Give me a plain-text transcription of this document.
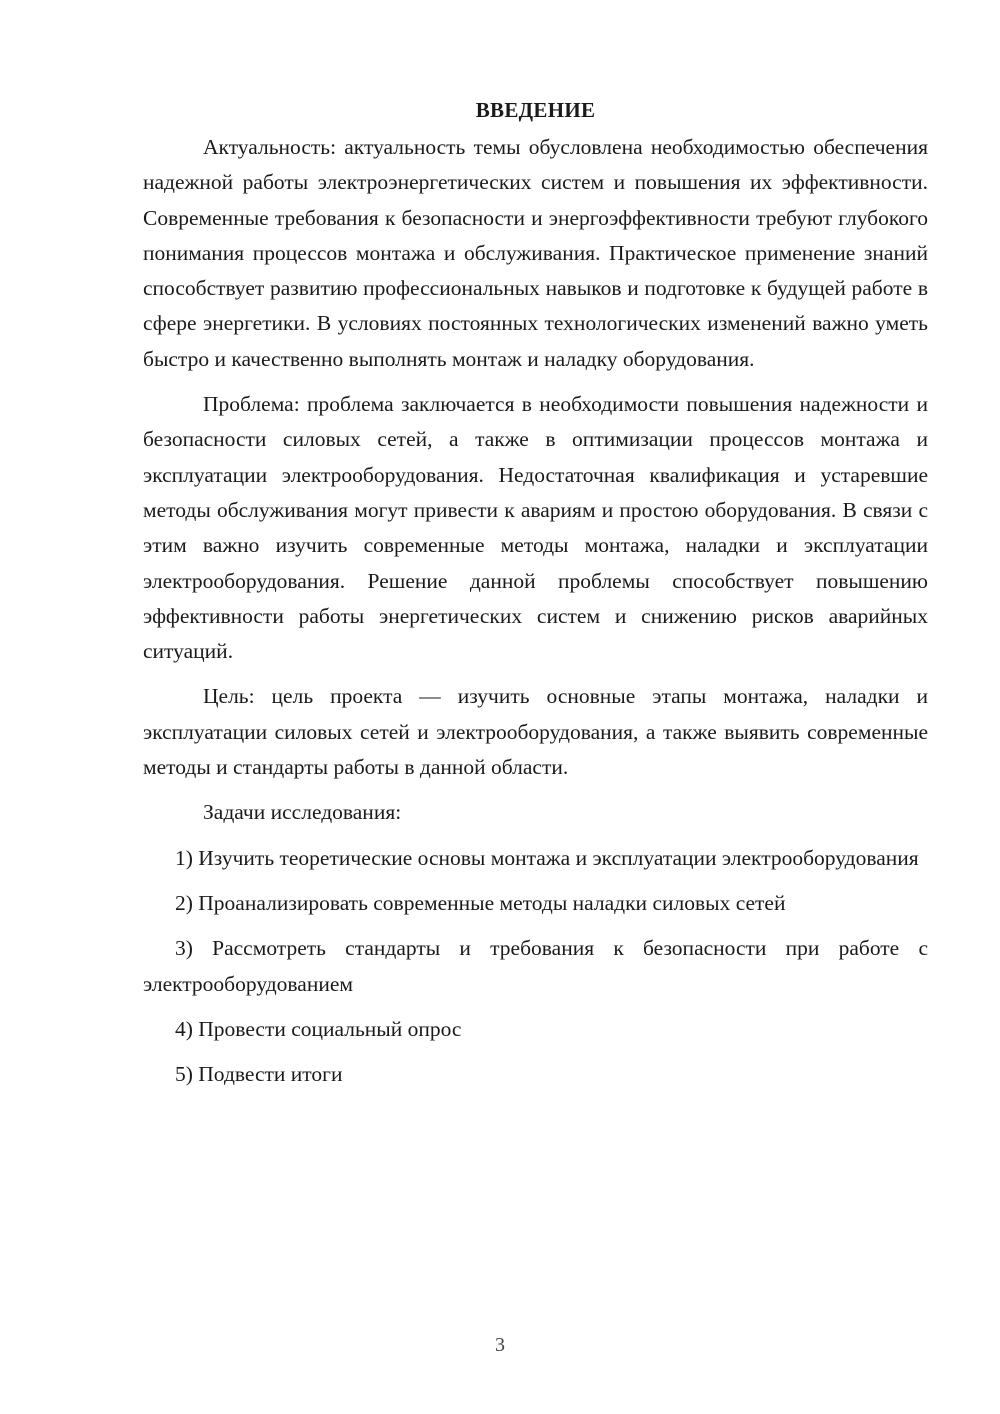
ВВЕДЕНИЕ

Актуальность: актуальность темы обусловлена необходимостью обеспечения надежной работы электроэнергетических систем и повышения их эффективности. Современные требования к безопасности и энергоэффективности требуют глубокого понимания процессов монтажа и обслуживания. Практическое применение знаний способствует развитию профессиональных навыков и подготовке к будущей работе в сфере энергетики. В условиях постоянных технологических изменений важно уметь быстро и качественно выполнять монтаж и наладку оборудования.

Проблема: проблема заключается в необходимости повышения надежности и безопасности силовых сетей, а также в оптимизации процессов монтажа и эксплуатации электрооборудования. Недостаточная квалификация и устаревшие методы обслуживания могут привести к авариям и простою оборудования. В связи с этим важно изучить современные методы монтажа, наладки и эксплуатации электрооборудования. Решение данной проблемы способствует повышению эффективности работы энергетических систем и снижению рисков аварийных ситуаций.

Цель: цель проекта — изучить основные этапы монтажа, наладки и эксплуатации силовых сетей и электрооборудования, а также выявить современные методы и стандарты работы в данной области.

Задачи исследования:

1) Изучить теоретические основы монтажа и эксплуатации электрооборудования

2) Проанализировать современные методы наладки силовых сетей

3) Рассмотреть стандарты и требования к безопасности при работе с электрооборудованием

4) Провести социальный опрос

5) Подвести итоги

3
